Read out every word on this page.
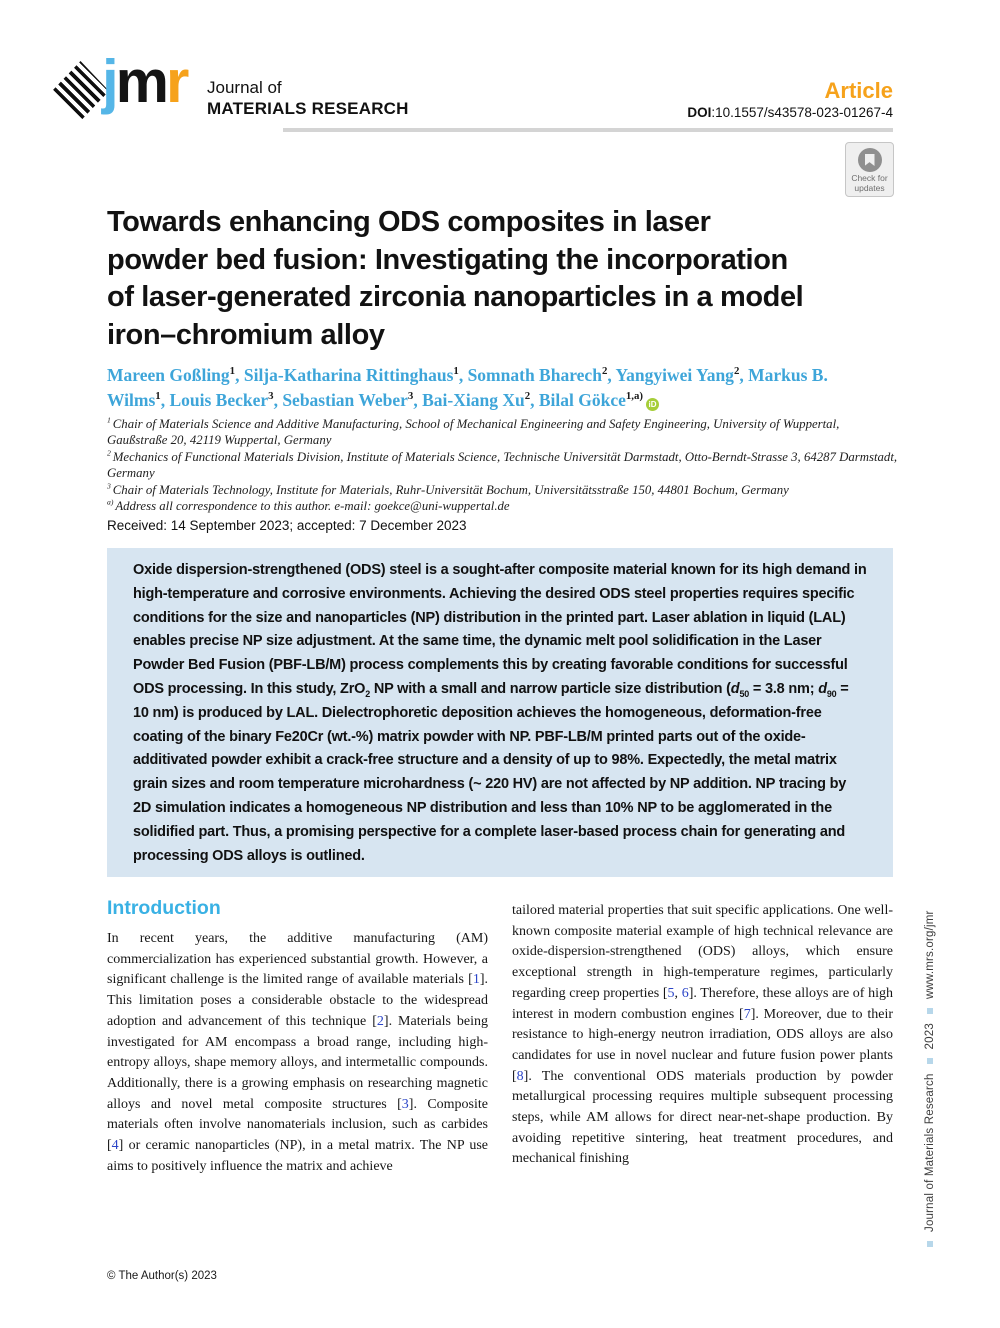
jmr Journal of
MATERIALS RESEARCH
Article
DOI:10.1557/s43578-023-01267-4
Check for
updates
Towards enhancing ODS composites in laser
powder bed fusion: Investigating the incorporation
of laser-generated zirconia nanoparticles in a model
iron–chromium alloy
Mareen Goßling$^1$, Silja-Katharina Rittinghaus$^1$, Somnath Bharech$^2$, Yangyiwei Yang$^2$, Markus B. Wilms$^1$, Louis Becker$^3$, Sebastian Weber$^3$, Bai-Xiang Xu$^2$, Bilal Gökce$^{1,a)}$iD
$^1$ Chair of Materials Science and Additive Manufacturing, School of Mechanical Engineering and Safety Engineering, University of Wuppertal, Gaußstraße 20, 42119 Wuppertal, Germany
$^2$ Mechanics of Functional Materials Division, Institute of Materials Science, Technische Universität Darmstadt, Otto-Berndt-Strasse 3, 64287 Darmstadt, Germany
$^3$ Chair of Materials Technology, Institute for Materials, Ruhr-Universität Bochum, Universitätsstraße 150, 44801 Bochum, Germany
$^{a)}$ Address all correspondence to this author. e-mail: goekce@uni-wuppertal.de
Received: 14 September 2023; accepted: 7 December 2023
Oxide dispersion-strengthened (ODS) steel is a sought-after composite material known for its high demand in high-temperature and corrosive environments. Achieving the desired ODS steel properties requires specific conditions for the size and nanoparticles (NP) distribution in the printed part. Laser ablation in liquid (LAL) enables precise NP size adjustment. At the same time, the dynamic melt pool solidification in the Laser Powder Bed Fusion (PBF-LB/M) process complements this by creating favorable conditions for successful ODS processing. In this study, ZrO$_2$ NP with a small and narrow particle size distribution ($d_{50} = 3.8$ nm; $d_{90} = 10$ nm) is produced by LAL. Dielectrophoretic deposition achieves the homogeneous, deformation-free coating of the binary Fe20Cr (wt.-%) matrix powder with NP. PBF-LB/M printed parts out of the oxide-additivated powder exhibit a crack-free structure and a density of up to 98%. Expectedly, the metal matrix grain sizes and room temperature microhardness (~ 220 HV) are not affected by NP addition. NP tracing by 2D simulation indicates a homogeneous NP distribution and less than 10% NP to be agglomerated in the solidified part. Thus, a promising perspective for a complete laser-based process chain for generating and processing ODS alloys is outlined.
Introduction
In recent years, the additive manufacturing (AM) commercialization has experienced substantial growth. However, a significant challenge is the limited range of available materials [1]. This limitation poses a considerable obstacle to the widespread adoption and advancement of this technique [2]. Materials being investigated for AM encompass a broad range, including high-entropy alloys, shape memory alloys, and intermetallic compounds. Additionally, there is a growing emphasis on researching magnetic alloys and novel metal composite structures [3]. Composite materials often involve nanomaterials inclusion, such as carbides [4] or ceramic nanoparticles (NP), in a metal matrix. The NP use aims to positively influence the matrix and achieve
tailored material properties that suit specific applications. One well-known composite material example of high technical relevance are oxide-dispersion-strengthened (ODS) alloys, which ensure exceptional strength in high-temperature regimes, particularly regarding creep properties [5, 6]. Therefore, these alloys are of high interest in modern combustion engines [7]. Moreover, due to their resistance to high-energy neutron irradiation, ODS alloys are also candidates for use in novel nuclear and future fusion power plants [8]. The conventional ODS materials production by powder metallurgical processing requires multiple subsequent processing steps, while AM allows for direct near-net-shape production. By avoiding repetitive sintering, heat treatment procedures, and mechanical finishing	Journal of Materials Research2023www.mrs.org/jmr
© The Author(s) 2023
